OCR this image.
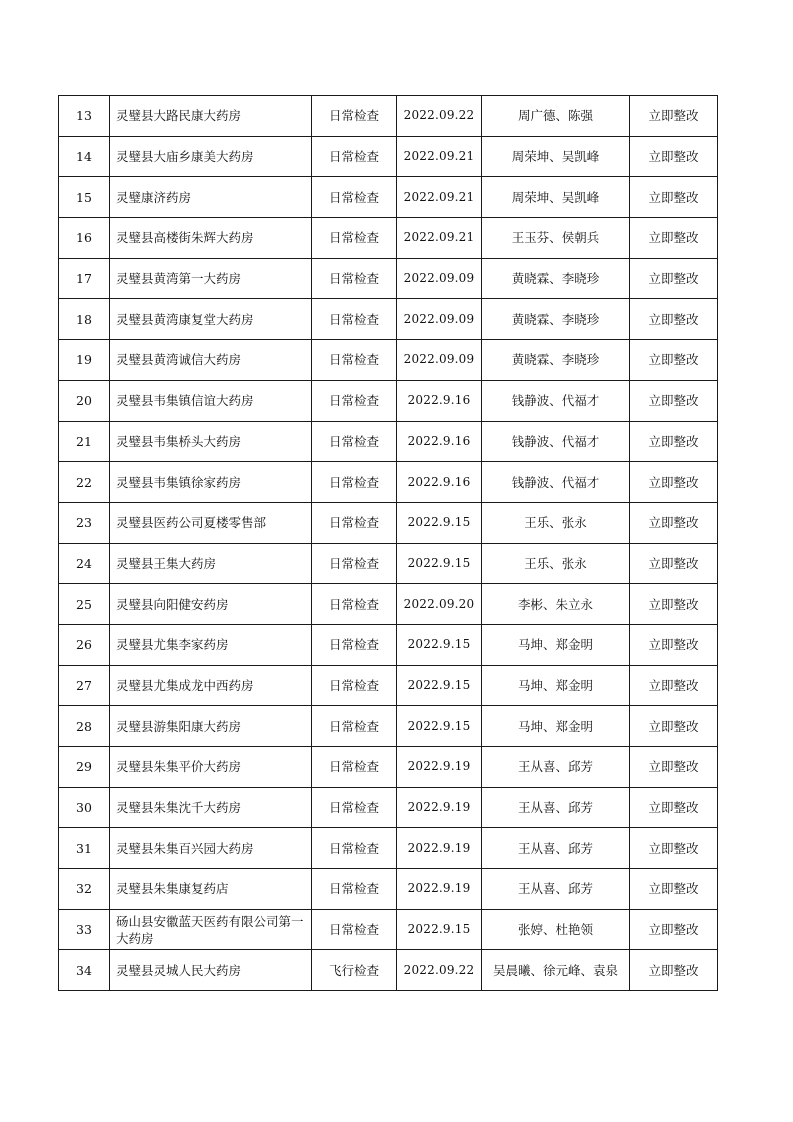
13	灵璧县大路民康大药房	日常检查	2022.09.22	周广德、陈强	立即整改
14	灵璧县大庙乡康美大药房	日常检查	2022.09.21	周荣坤、吴凯峰	立即整改
15	灵璧康济药房	日常检查	2022.09.21	周荣坤、吴凯峰	立即整改
16	灵璧县高楼街朱辉大药房	日常检查	2022.09.21	王玉芬、侯朝兵	立即整改
17	灵璧县黄湾第一大药房	日常检查	2022.09.09	黄晓霖、李晓珍	立即整改
18	灵璧县黄湾康复堂大药房	日常检查	2022.09.09	黄晓霖、李晓珍	立即整改
19	灵璧县黄湾诚信大药房	日常检查	2022.09.09	黄晓霖、李晓珍	立即整改
20	灵璧县韦集镇信谊大药房	日常检查	2022.9.16	钱静波、代福才	立即整改
21	灵璧县韦集桥头大药房	日常检查	2022.9.16	钱静波、代福才	立即整改
22	灵璧县韦集镇徐家药房	日常检查	2022.9.16	钱静波、代福才	立即整改
23	灵璧县医药公司夏楼零售部	日常检查	2022.9.15	王乐、张永	立即整改
24	灵璧县王集大药房	日常检查	2022.9.15	王乐、张永	立即整改
25	灵璧县向阳健安药房	日常检查	2022.09.20	李彬、朱立永	立即整改
26	灵璧县尤集李家药房	日常检查	2022.9.15	马坤、郑金明	立即整改
27	灵璧县尤集成龙中西药房	日常检查	2022.9.15	马坤、郑金明	立即整改
28	灵璧县游集阳康大药房	日常检查	2022.9.15	马坤、郑金明	立即整改
29	灵璧县朱集平价大药房	日常检查	2022.9.19	王从喜、邱芳	立即整改
30	灵璧县朱集沈千大药房	日常检查	2022.9.19	王从喜、邱芳	立即整改
31	灵璧县朱集百兴园大药房	日常检查	2022.9.19	王从喜、邱芳	立即整改
32	灵璧县朱集康复药店	日常检查	2022.9.19	王从喜、邱芳	立即整改
33	砀山县安徽蓝天医药有限公司第一大药房	日常检查	2022.9.15	张婷、杜艳领	立即整改
34	灵璧县灵城人民大药房	飞行检查	2022.09.22	吴晨曦、徐元峰、袁泉	立即整改
